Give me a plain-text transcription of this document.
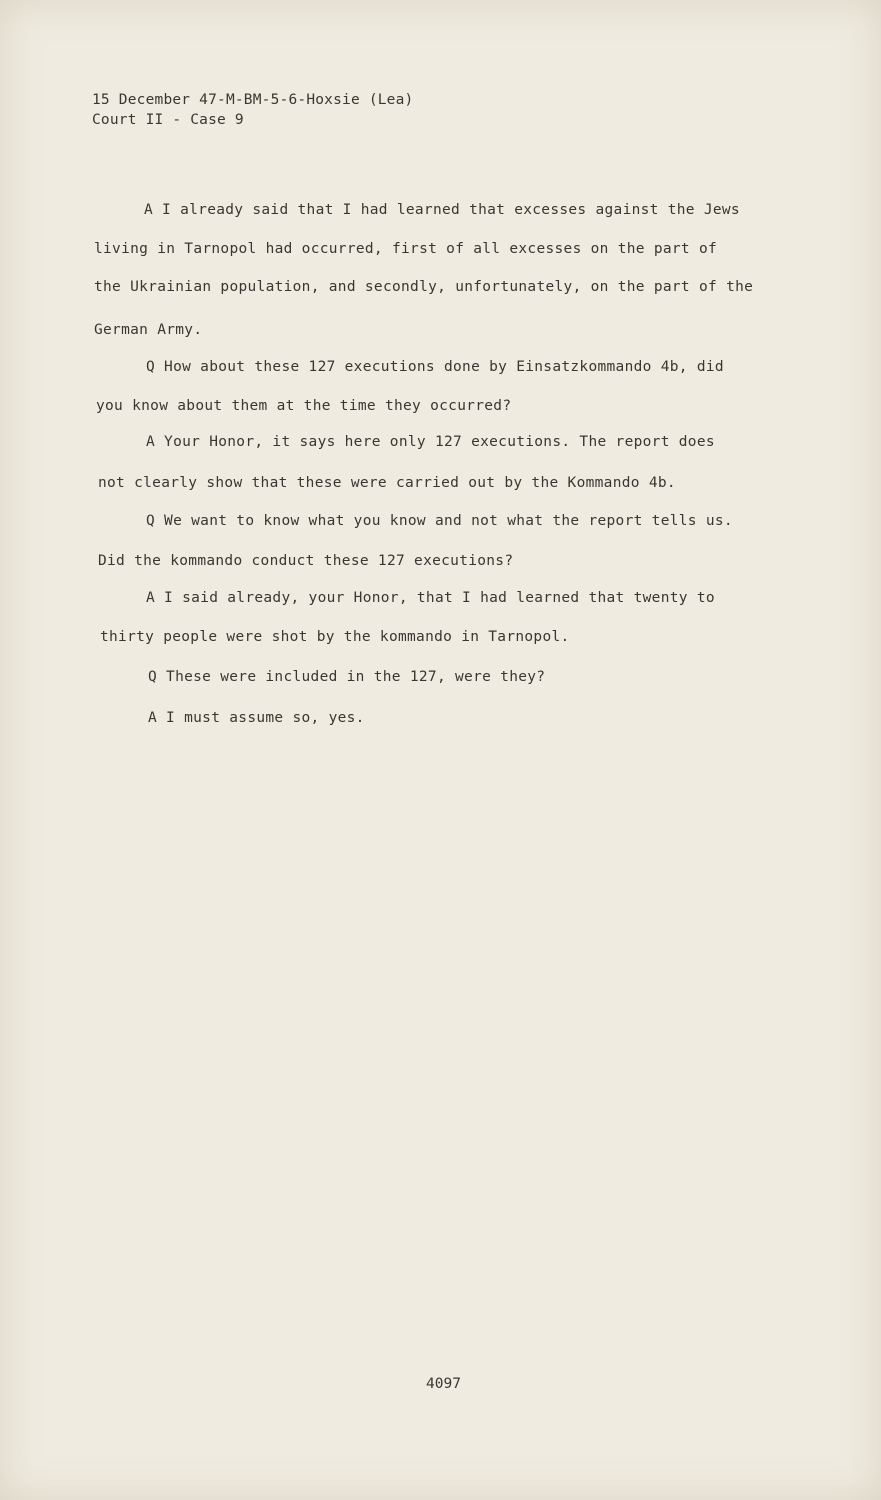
15 December 47-M-BM-5-6-Hoxsie (Lea)
Court II - Case 9
A I already said that I had learned that excesses against the Jews
living in Tarnopol had occurred, first of all excesses on the part of
the Ukrainian population, and secondly, unfortunately, on the part of the
German Army.
Q How about these 127 executions done by Einsatzkommando 4b, did
you know about them at the time they occurred?
A Your Honor, it says here only 127 executions. The report does
not clearly show that these were carried out by the Kommando 4b.
Q We want to know what you know and not what the report tells us.
Did the kommando conduct these 127 executions?
A I said already, your Honor, that I had learned that twenty to
thirty people were shot by the kommando in Tarnopol.
Q These were included in the 127, were they?
A I must assume so, yes.
4097
